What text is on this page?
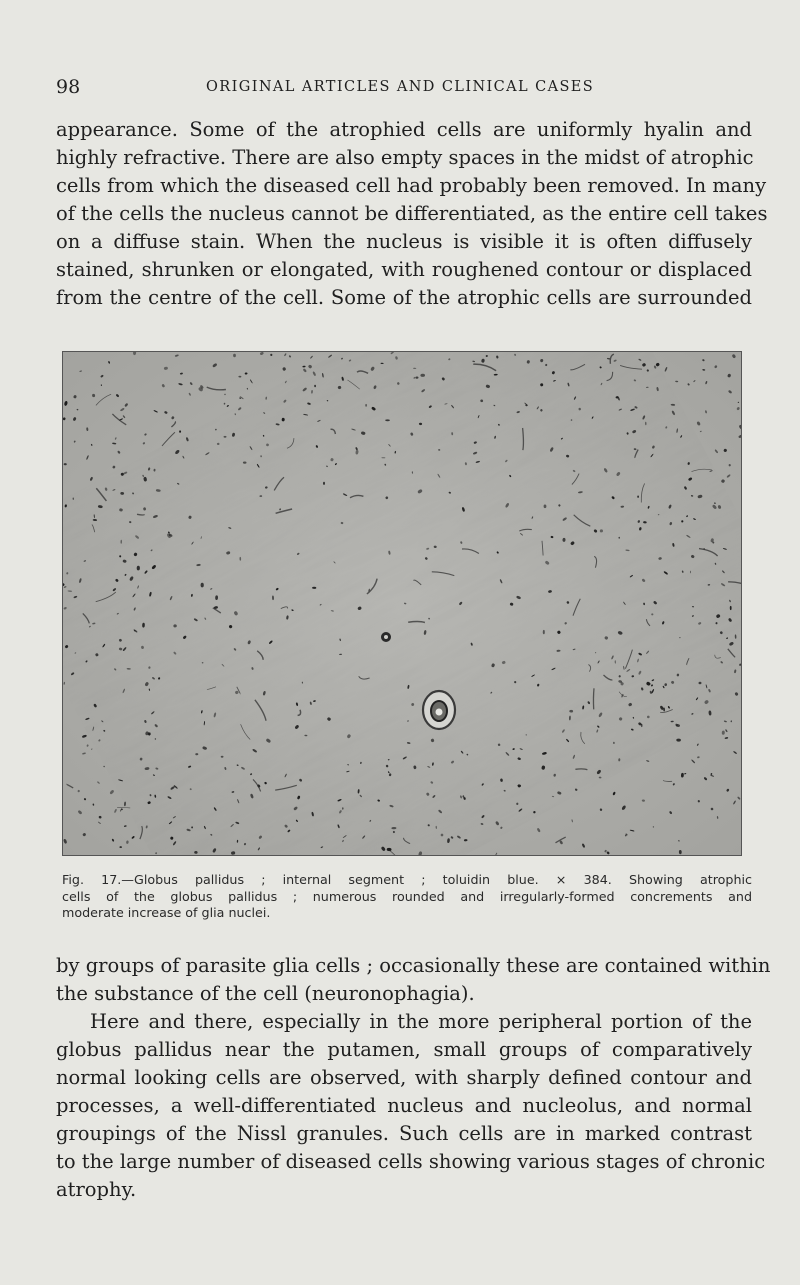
98	ORIGINAL ARTICLES AND CLINICAL CASES

appearance. Some of the atrophied cells are uniformly hyalin and
highly refractive. There are also empty spaces in the midst of atrophic
cells from which the diseased cell had probably been removed. In many
of the cells the nucleus cannot be differentiated, as the entire cell takes
on a diffuse stain. When the nucleus is visible it is often diffusely
stained, shrunken or elongated, with roughened contour or displaced
from the centre of the cell. Some of the atrophic cells are surrounded

Fig. 17.—Globus pallidus ; internal segment ; toluidin blue. × 384. Showing atrophic
cells of the globus pallidus ; numerous rounded and irregularly-formed concrements and
moderate increase of glia nuclei.

by groups of parasite glia cells ; occasionally these are contained within
the substance of the cell (neuronophagia).

Here and there, especially in the more peripheral portion of the
globus pallidus near the putamen, small groups of comparatively
normal looking cells are observed, with sharply defined contour and
processes, a well-differentiated nucleus and nucleolus, and normal
groupings of the Nissl granules. Such cells are in marked contrast
to the large number of diseased cells showing various stages of chronic
atrophy.
